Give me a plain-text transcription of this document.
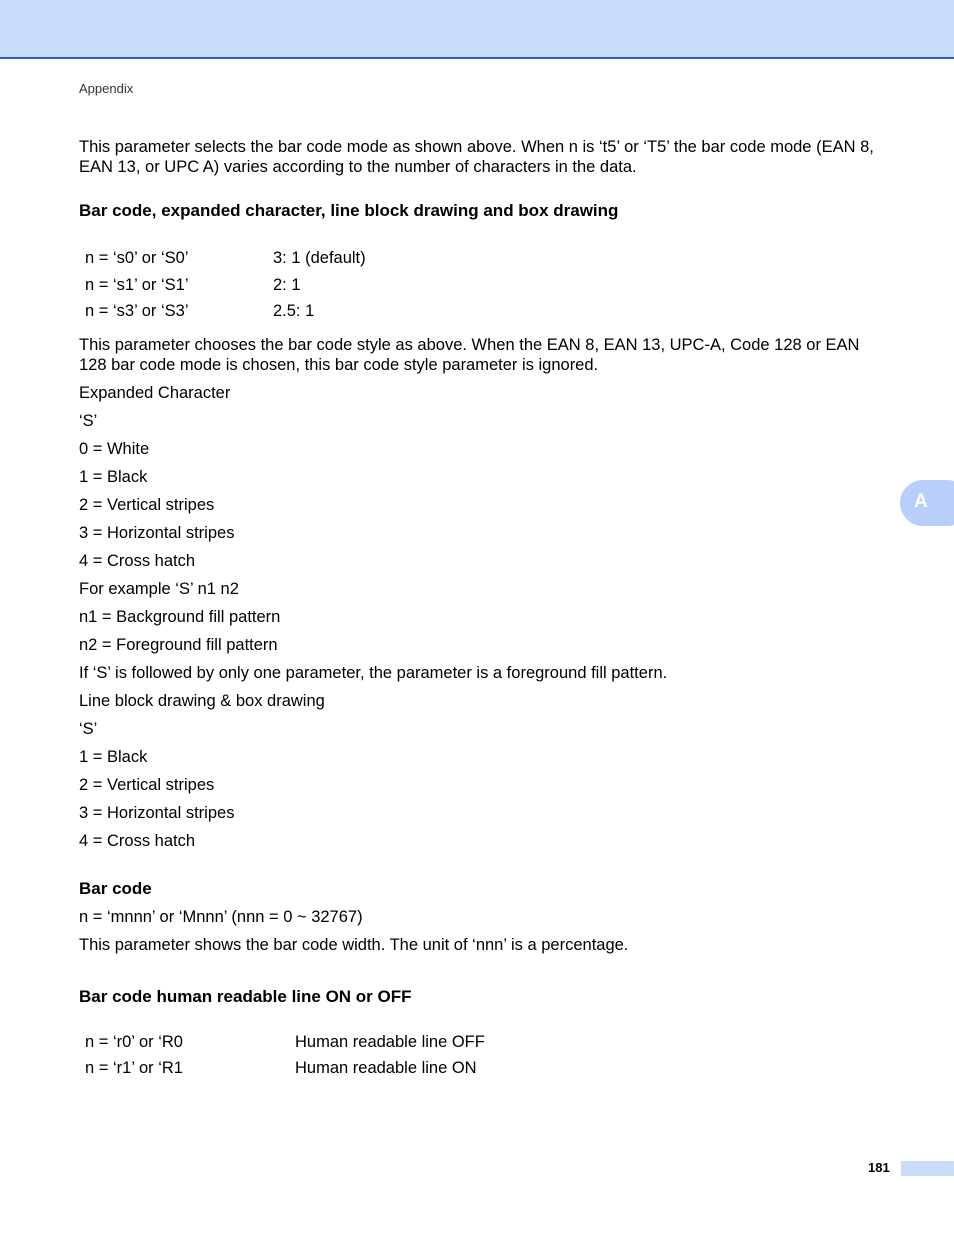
Appendix
A

This parameter selects the bar code mode as shown above. When n is ‘t5’ or ‘T5’ the bar code mode (EAN 8, EAN 13, or UPC A) varies according to the number of characters in the data.

Bar code, expanded character, line block drawing and box drawing
n = ‘s0’ or ‘S0’	3: 1 (default)
n = ‘s1’ or ‘S1’	2: 1
n = ‘s3’ or ‘S3’	2.5: 1

This parameter chooses the bar code style as above. When the EAN 8, EAN 13, UPC-A, Code 128 or EAN 128 bar code mode is chosen, this bar code style parameter is ignored.

Expanded Character
‘S’
0 = White
1 = Black
2 = Vertical stripes
3 = Horizontal stripes
4 = Cross hatch
For example ‘S’ n1 n2
n1 = Background fill pattern
n2 = Foreground fill pattern
If ‘S’ is followed by only one parameter, the parameter is a foreground fill pattern.
Line block drawing & box drawing
‘S’
1 = Black
2 = Vertical stripes
3 = Horizontal stripes
4 = Cross hatch
Bar code
n = ‘mnnn’ or ‘Mnnn’ (nnn = 0 ~ 32767)
This parameter shows the bar code width. The unit of ‘nnn’ is a percentage.
Bar code human readable line ON or OFF
n = ‘r0’ or ‘R0	Human readable line OFF
n = ‘r1’ or ‘R1	Human readable line ON
181
